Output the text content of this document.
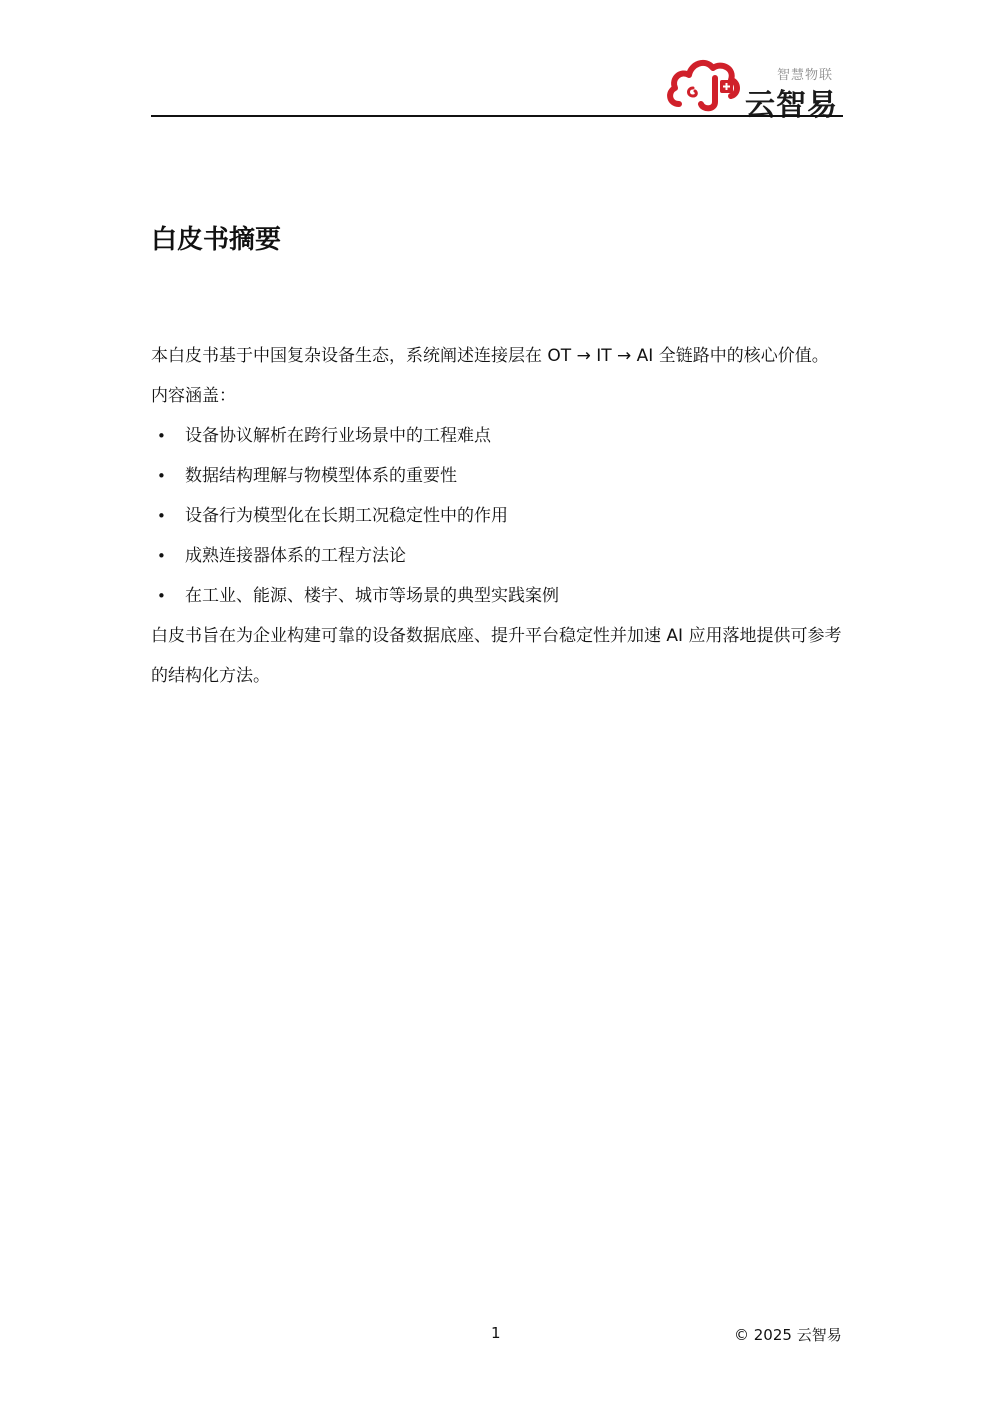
智慧物联
云智易
白皮书摘要

本白皮书基于中国复杂设备生态，系统阐述连接层在 OT → IT → AI 全链路中的核心价值。

内容涵盖：

• 设备协议解析在跨行业场景中的工程难点
• 数据结构理解与物模型体系的重要性
• 设备行为模型化在长期工况稳定性中的作用
• 成熟连接器体系的工程方法论
• 在工业、能源、楼宇、城市等场景的典型实践案例

白皮书旨在为企业构建可靠的设备数据底座、提升平台稳定性并加速 AI 应用落地提供可参考的结构化方法。

1	© 2025 云智易
